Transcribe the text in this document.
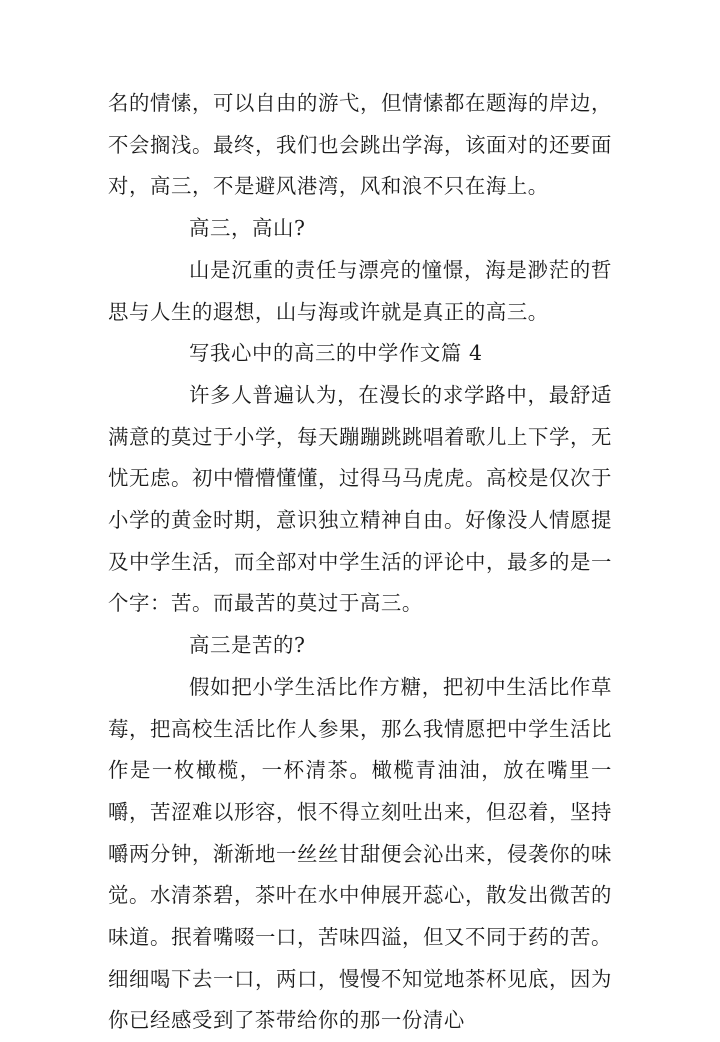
名的情愫，可以自由的游弋，但情愫都在题海的岸边，不会搁浅。最终，我们也会跳出学海，该面对的还要面对，高三，不是避风港湾，风和浪不只在海上。

高三，高山?

山是沉重的责任与漂亮的憧憬，海是渺茫的哲思与人生的遐想，山与海或许就是真正的高三。

写我心中的高三的中学作文篇 4

许多人普遍认为，在漫长的求学路中，最舒适满意的莫过于小学，每天蹦蹦跳跳唱着歌儿上下学，无忧无虑。初中懵懵懂懂，过得马马虎虎。高校是仅次于小学的黄金时期，意识独立精神自由。好像没人情愿提及中学生活，而全部对中学生活的评论中，最多的是一个字：苦。而最苦的莫过于高三。

高三是苦的?

假如把小学生活比作方糖，把初中生活比作草莓，把高校生活比作人参果，那么我情愿把中学生活比作是一枚橄榄，一杯清茶。橄榄青油油，放在嘴里一嚼，苦涩难以形容，恨不得立刻吐出来，但忍着，坚持嚼两分钟，渐渐地一丝丝甘甜便会沁出来，侵袭你的味觉。水清茶碧，茶叶在水中伸展开蕊心，散发出微苦的味道。抿着嘴啜一口，苦味四溢，但又不同于药的苦。细细喝下去一口，两口，慢慢不知觉地茶杯见底，因为你已经感受到了茶带给你的那一份清心
